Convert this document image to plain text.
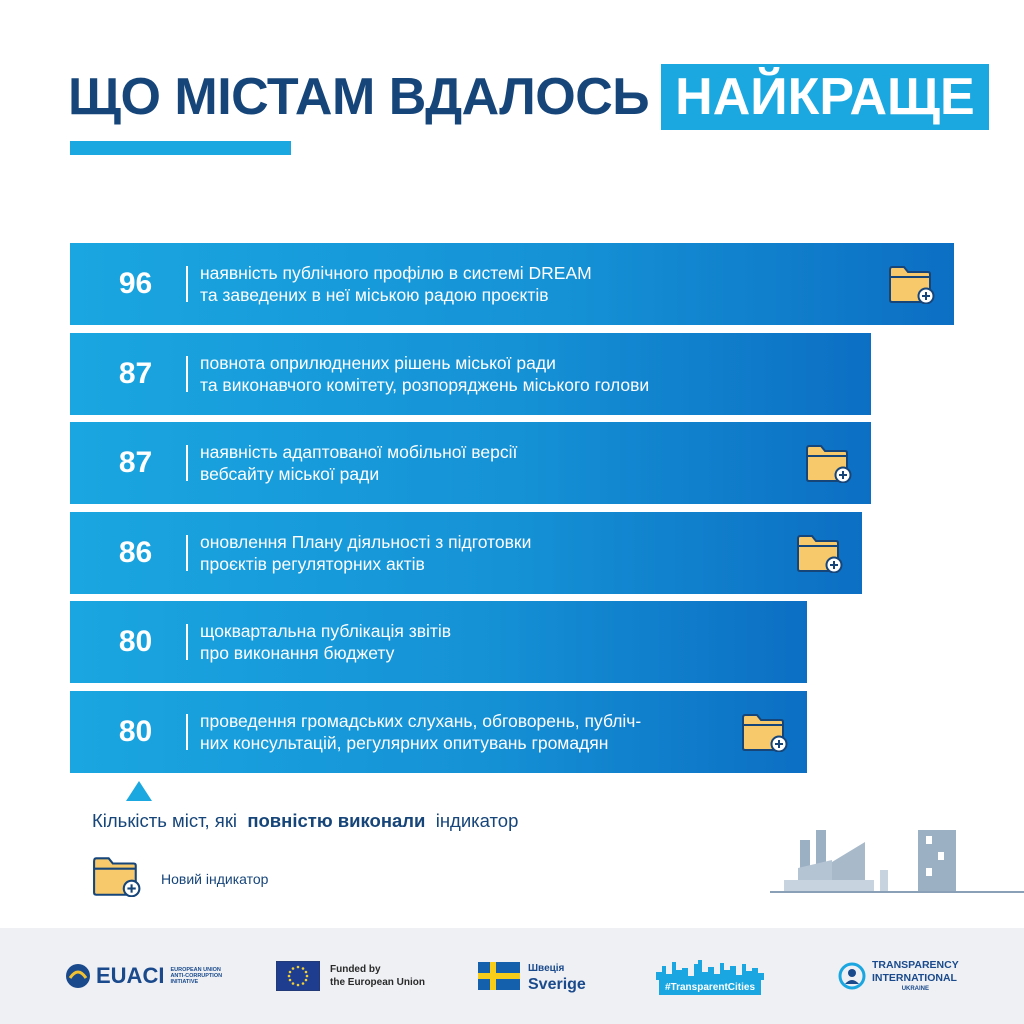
ЩО МІСТАМ ВДАЛОСЬ НАЙКРАЩЕ
96	наявність публічного профілю в системі DREAM
та заведених в неї міською радою проєктів
87	повнота оприлюднених рішень міської ради
та виконавчого комітету, розпоряджень міського голови
87	наявність адаптованої мобільної версії
вебсайту міської ради
86	оновлення Плану діяльності з підготовки
проєктів регуляторних актів
80	щоквартальна публікація звітів
про виконання бюджету
80	проведення громадських слухань, обговорень, публіч-
них консультацій, регулярних опитувань громадян
Кількість міст, які повністю виконали індикатор
Новий індикатор
EUACI EUROPEAN UNION
ANTI-CORRUPTION
INITIATIVE
Funded by
the European Union
Швеція
Sverige	#TransparentCities
TRANSPARENCY
INTERNATIONAL

UKRAINE
